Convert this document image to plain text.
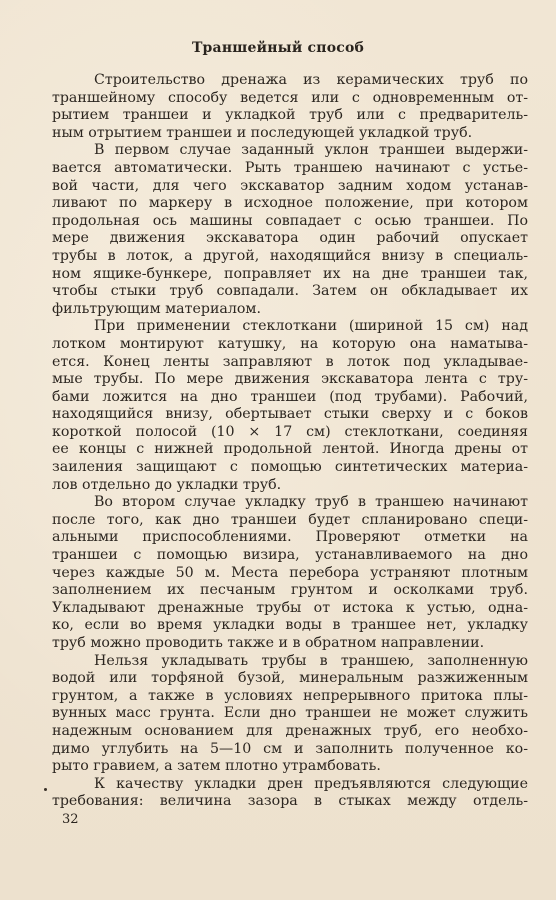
Траншейный способ
Строительство дренажа из керамических труб по
траншейному способу ведется или с одновременным от-
рытием траншеи и укладкой труб или с предваритель-
ным отрытием траншеи и последующей укладкой труб.
В первом случае заданный уклон траншеи выдержи-
вается автоматически. Рыть траншею начинают с устье-
вой части, для чего экскаватор задним ходом устанав-
ливают по маркеру в исходное положение, при котором
продольная ось машины совпадает с осью траншеи. По
мере движения экскаватора один рабочий опускает
трубы в лоток, а другой, находящийся внизу в специаль-
ном ящике-бункере, поправляет их на дне траншеи так,
чтобы стыки труб совпадали. Затем он обкладывает их
фильтрующим материалом.
При применении стеклоткани (шириной 15 см) над
лотком монтируют катушку, на которую она наматыва-
ется. Конец ленты заправляют в лоток под укладывае-
мые трубы. По мере движения экскаватора лента с тру-
бами ложится на дно траншеи (под трубами). Рабочий,
находящийся внизу, обертывает стыки сверху и с боков
короткой полосой (10 × 17 см) стеклоткани, соединяя
ее концы с нижней продольной лентой. Иногда дрены от
заиления защищают с помощью синтетических материа-
лов отдельно до укладки труб.
Во втором случае укладку труб в траншею начинают
после того, как дно траншеи будет спланировано специ-
альными приспособлениями. Проверяют отметки на
траншеи с помощью визира, устанавливаемого на дно
через каждые 50 м. Места перебора устраняют плотным
заполнением их песчаным грунтом и осколками труб.
Укладывают дренажные трубы от истока к устью, одна-
ко, если во время укладки воды в траншее нет, укладку
труб можно проводить также и в обратном направлении.
Нельзя укладывать трубы в траншею, заполненную
водой или торфяной бузой, минеральным разжиженным
грунтом, а также в условиях непрерывного притока плы-
вунных масс грунта. Если дно траншеи не может служить
надежным основанием для дренажных труб, его необхо-
димо углубить на 5—10 см и заполнить полученное ко-
рыто гравием, а затем плотно утрамбовать.
К качеству укладки дрен предъявляются следующие
требования: величина зазора в стыках между отдель-
32
